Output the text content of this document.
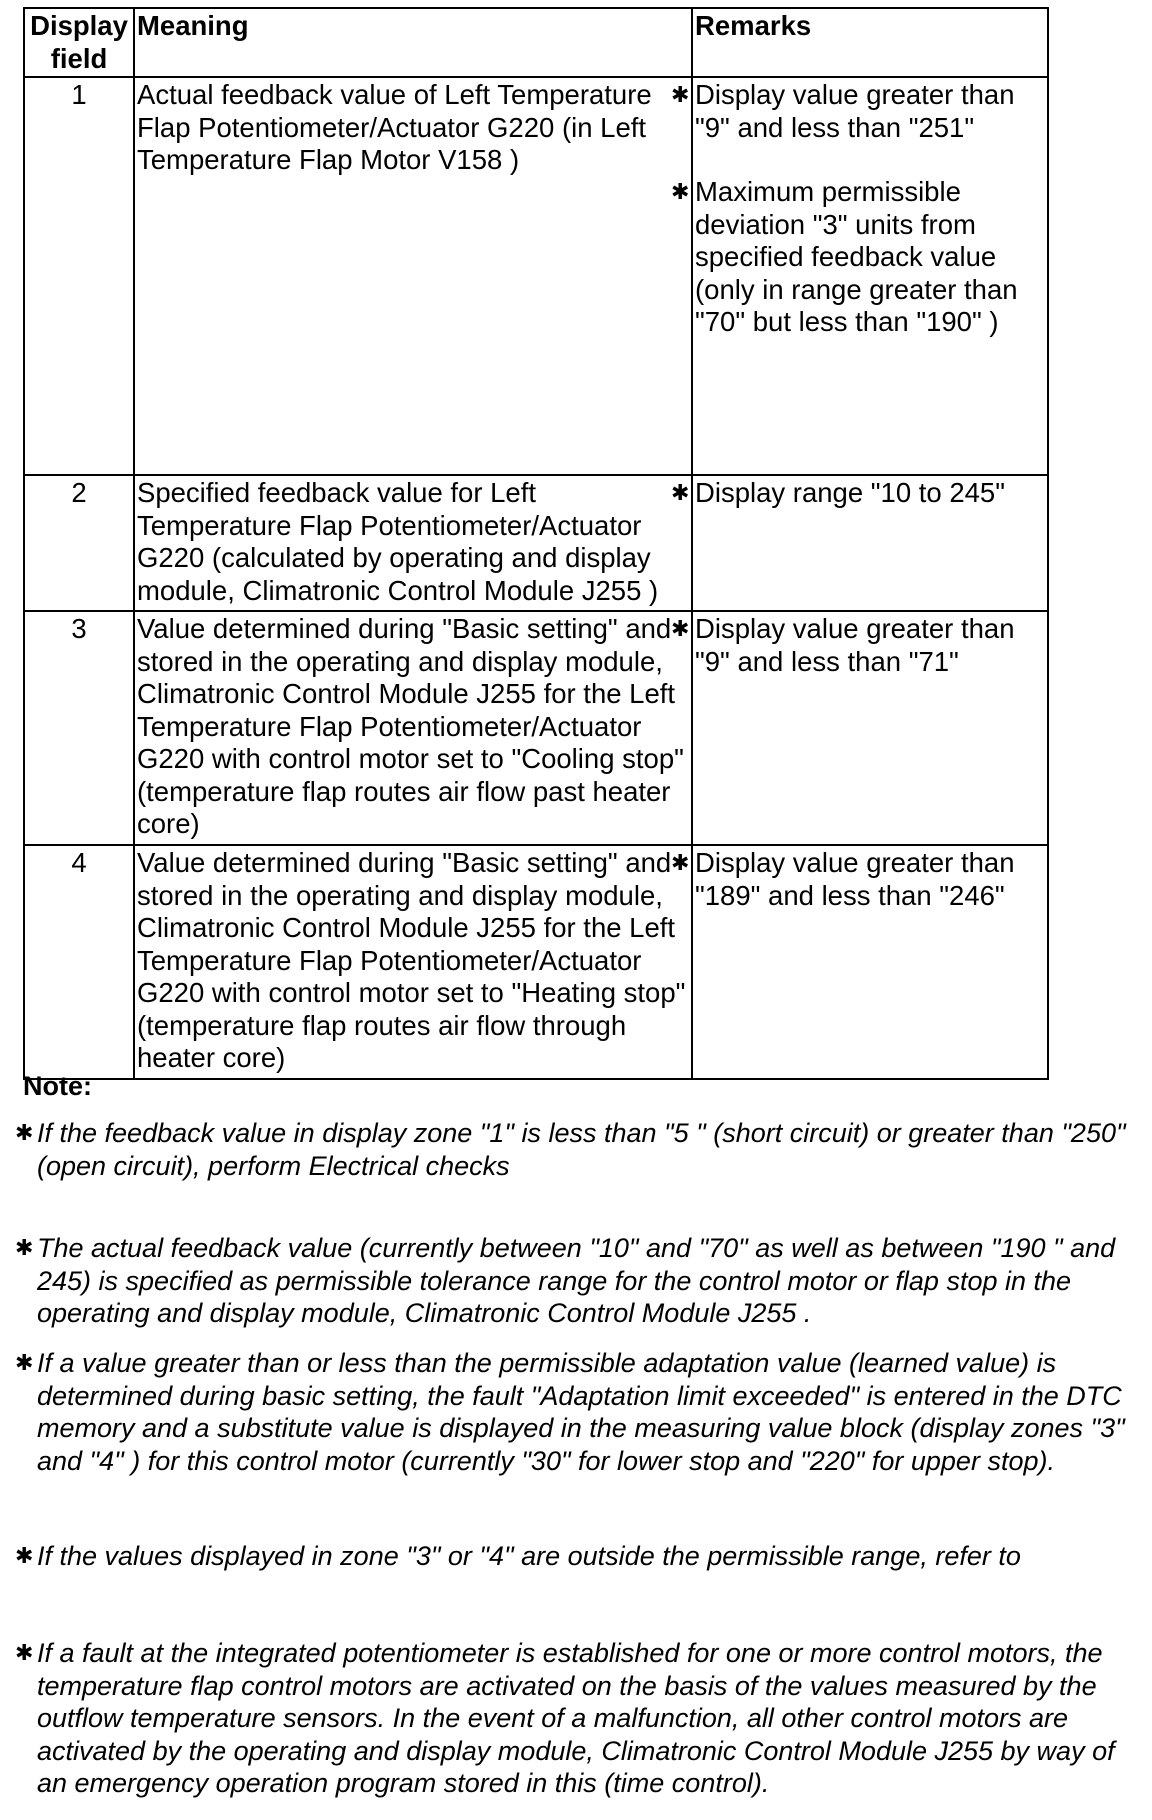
Display field	Meaning	Remarks
1	Actual feedback value of Left Temperature Flap Potentiometer/Actuator G220 (in Left Temperature Flap Motor V158 )	✱ Display value greater than "9" and less than "251"
✱ Maximum permissible deviation "3" units from specified feedback value (only in range greater than "70" but less than "190" )

2	Specified feedback value for Left Temperature Flap Potentiometer/Actuator G220 (calculated by operating and display module, Climatronic Control Module J255 )	✱ Display range "10 to 245"

3	Value determined during "Basic setting" and stored in the operating and display module, Climatronic Control Module J255 for the Left Temperature Flap Potentiometer/Actuator G220 with control motor set to "Cooling stop" (temperature flap routes air flow past heater core)	✱ Display value greater than "9" and less than "71"

4	Value determined during "Basic setting" and stored in the operating and display module, Climatronic Control Module J255 for the Left Temperature Flap Potentiometer/Actuator G220 with control motor set to "Heating stop" (temperature flap routes air flow through heater core)	✱ Display value greater than "189" and less than "246"
Note:
✱ If the feedback value in display zone "1" is less than "5 " (short circuit) or greater than "250" (open circuit), perform Electrical checks
✱ The actual feedback value (currently between "10" and "70" as well as between "190 " and 245) is specified as permissible tolerance range for the control motor or flap stop in the operating and display module, Climatronic Control Module J255 .
✱ If a value greater than or less than the permissible adaptation value (learned value) is determined during basic setting, the fault "Adaptation limit exceeded" is entered in the DTC memory and a substitute value is displayed in the measuring value block (display zones "3" and "4" ) for this control motor (currently "30" for lower stop and "220" for upper stop).
✱ If the values displayed in zone "3" or "4" are outside the permissible range, refer to
✱ If a fault at the integrated potentiometer is established for one or more control motors, the temperature flap control motors are activated on the basis of the values measured by the outflow temperature sensors. In the event of a malfunction, all other control motors are activated by the operating and display module, Climatronic Control Module J255 by way of an emergency operation program stored in this (time control).
